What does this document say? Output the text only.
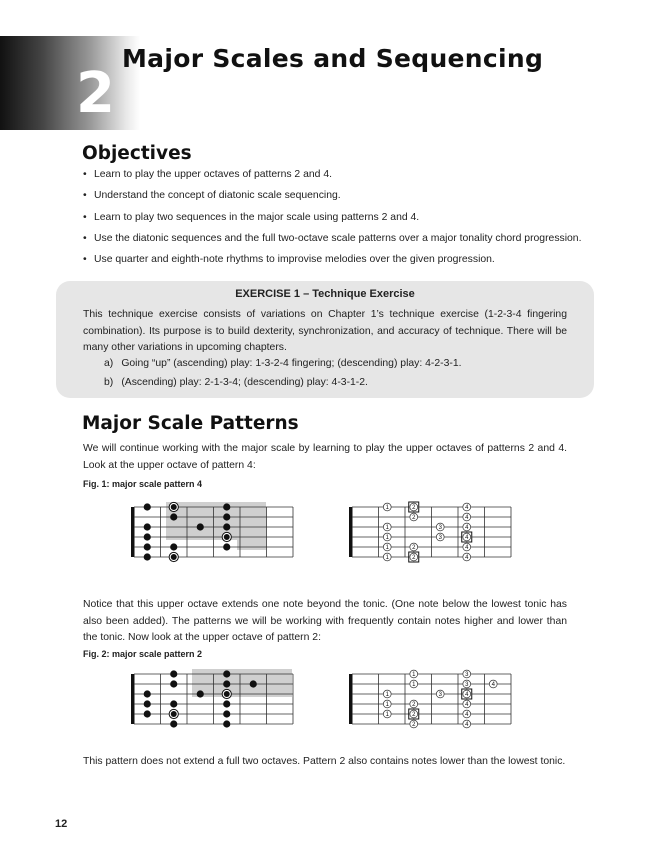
2
Major Scales and Sequencing
Objectives
• Learn to play the upper octaves of patterns 2 and 4.
• Understand the concept of diatonic scale sequencing.
• Learn to play two sequences in the major scale using patterns 2 and 4.
• Use the diatonic sequences and the full two-octave scale patterns over a major tonality chord progression.
• Use quarter and eighth-note rhythms to improvise melodies over the given progression.
EXERCISE 1 – Technique Exercise

This technique exercise consists of variations on Chapter 1’s technique exercise (1-2-3-4 fingering combination). Its purpose is to build dexterity, synchronization, and accuracy of technique. There will be many other variations in upcoming chapters.

a)  Going “up” (ascending) play: 1-3-2-4 fingering; (descending) play: 4-2-3-1.
b)  (Ascending) play: 2-1-3-4; (descending) play: 4-3-1-2.
Major Scale Patterns

We will continue working with the major scale by learning to play the upper octaves of patterns 2 and 4. Look at the upper octave of pattern 4:

Fig. 1: major scale pattern 4

Notice that this upper octave extends one note beyond the tonic. (One note below the lowest tonic has also been added). The patterns we will be working with frequently contain notes higher and lower than the tonic. Now look at the upper octave of pattern 2:

Fig. 2: major scale pattern 2

This pattern does not extend a full two octaves. Pattern 2 also contains notes lower than the lowest tonic.

1	2	4
2	4
1	3	4
1	3	4
1	2	4
1	2	4
1	3
1	3	4
1	3	4
1	2	4
1	2	4
2	4
12
